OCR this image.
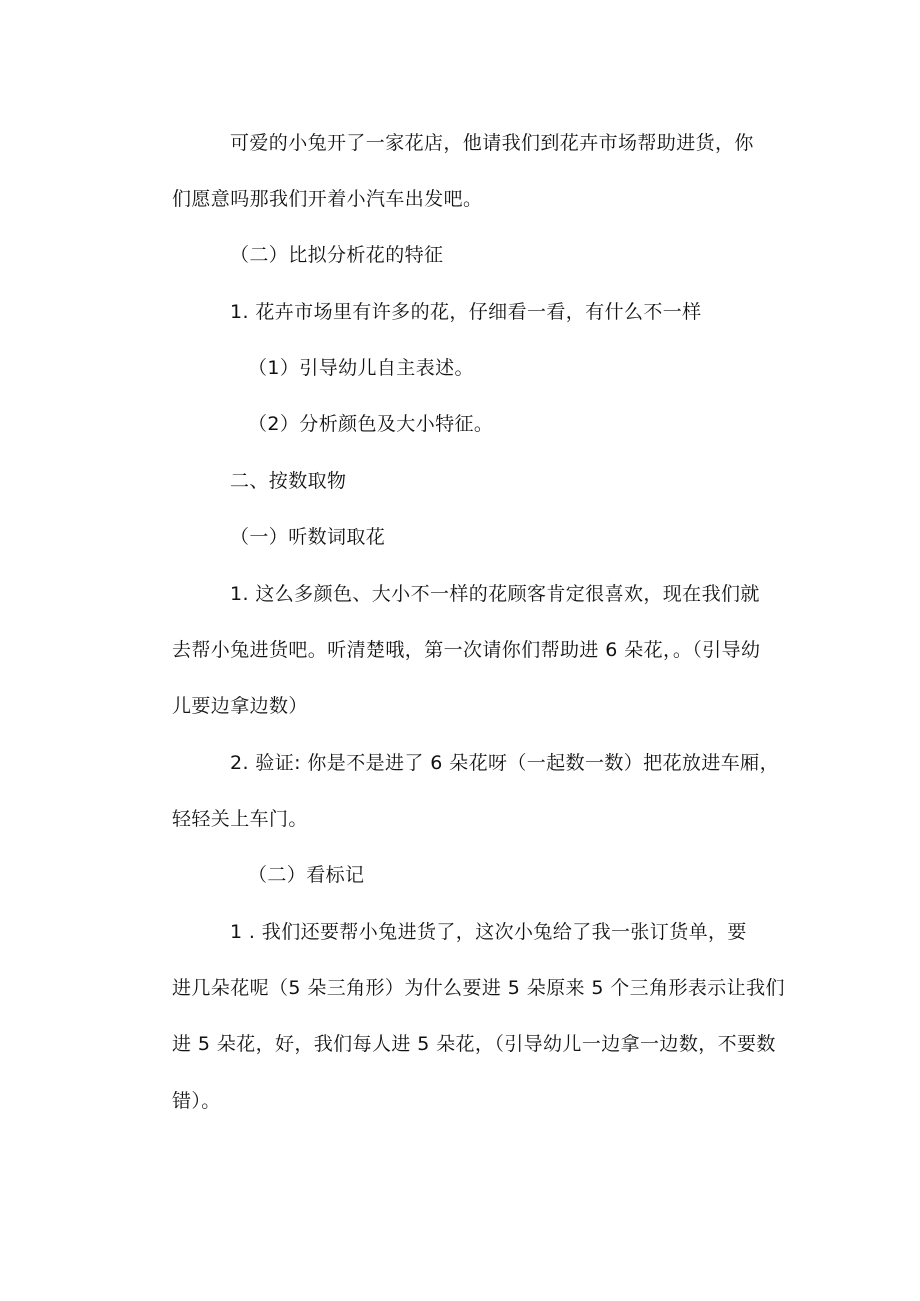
可爱的小兔开了一家花店，他请我们到花卉市场帮助进货，你
们愿意吗那我们开着小汽车出发吧。
（二）比拟分析花的特征
1. 花卉市场里有许多的花，仔细看一看，有什么不一样
（1）引导幼儿自主表述。
（2）分析颜色及大小特征。
二、按数取物
（一）听数词取花
1. 这么多颜色、大小不一样的花顾客肯定很喜欢，现在我们就
去帮小兔进货吧。听清楚哦，第一次请你们帮助进 6 朵花，。（引导幼
儿要边拿边数）
2. 验证: 你是不是进了 6 朵花呀（一起数一数）把花放进车厢，
轻轻关上车门。
（二）看标记
1 . 我们还要帮小兔进货了，这次小兔给了我一张订货单，要
进几朵花呢（5 朵三角形）为什么要进 5 朵原来 5 个三角形表示让我们
进 5 朵花，好，我们每人进 5 朵花，（引导幼儿一边拿一边数，不要数
错）。
